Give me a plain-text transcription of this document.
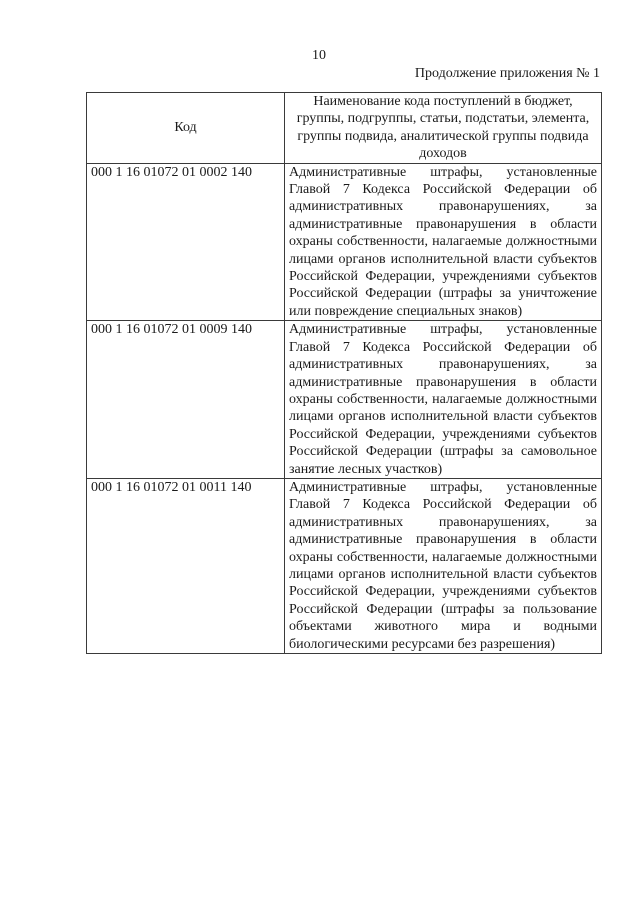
10
Продолжение приложения № 1
Код	Наименование кода поступлений в бюджет, группы, подгруппы, статьи, подстатьи, элемента, группы подвида, аналитической группы подвида доходов
000 1 16 01072 01 0002 140	Административные штрафы, установленные Главой 7 Кодекса Российской Федерации об административных правонарушениях, за административные правонарушения в области охраны собственности, налагаемые должностными лицами органов исполнительной власти субъектов Российской Федерации, учреждениями субъектов Российской Федерации (штрафы за уничтожение или повреждение специальных знаков)
000 1 16 01072 01 0009 140	Административные штрафы, установленные Главой 7 Кодекса Российской Федерации об административных правонарушениях, за административные правонарушения в области охраны собственности, налагаемые должностными лицами органов исполнительной власти субъектов Российской Федерации, учреждениями субъектов Российской Федерации (штрафы за самовольное занятие лесных участков)
000 1 16 01072 01 0011 140	Административные штрафы, установленные Главой 7 Кодекса Российской Федерации об административных правонарушениях, за административные правонарушения в области охраны собственности, налагаемые должностными лицами органов исполнительной власти субъектов Российской Федерации, учреждениями субъектов Российской Федерации (штрафы за пользование объектами животного мира и водными биологическими ресурсами без разрешения)
